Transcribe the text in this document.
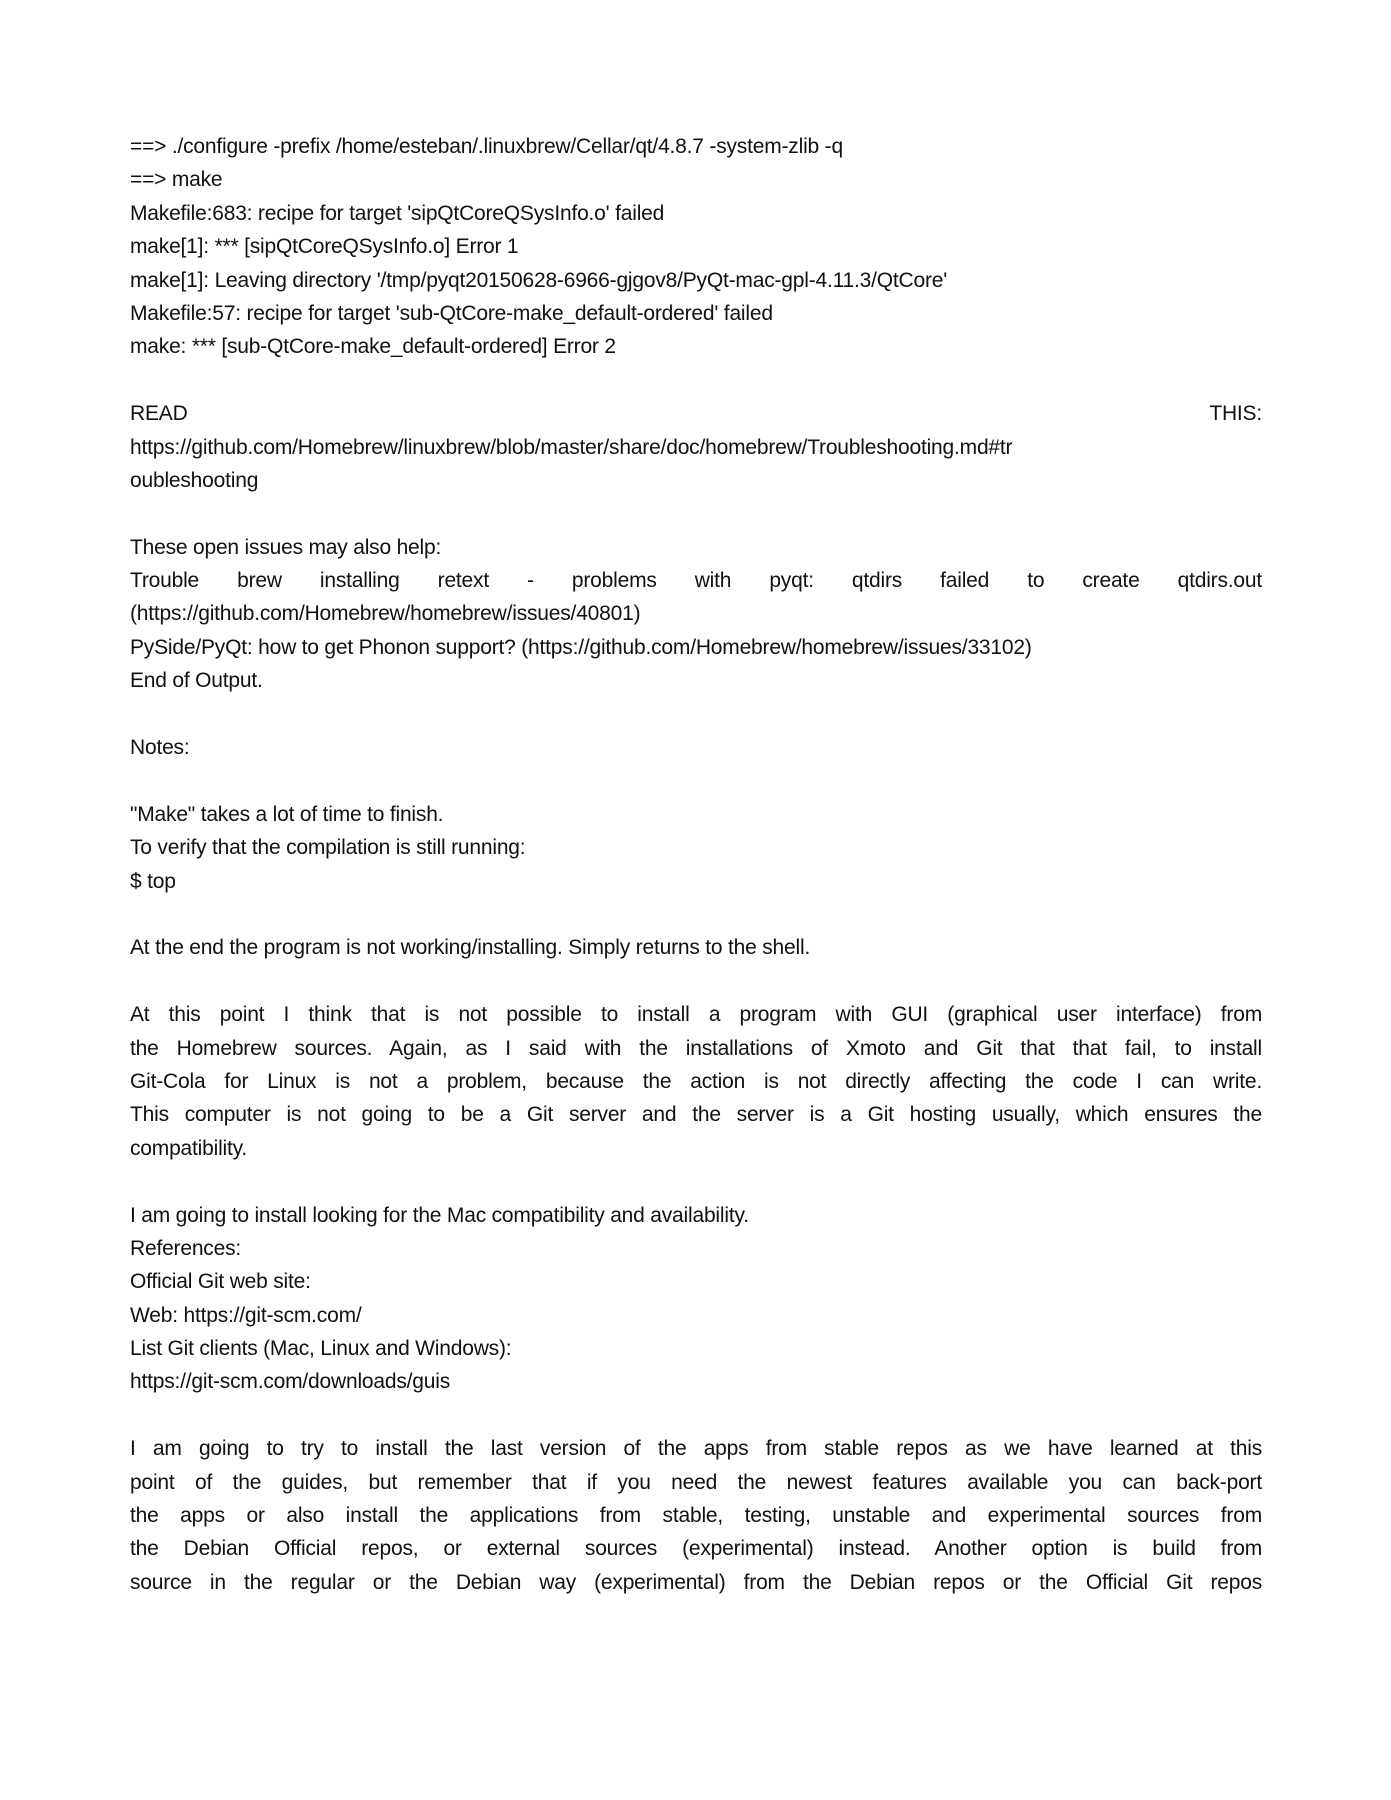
==> ./configure -prefix /home/esteban/.linuxbrew/Cellar/qt/4.8.7 -system-zlib -q
==> make
Makefile:683: recipe for target 'sipQtCoreQSysInfo.o' failed
make[1]: *** [sipQtCoreQSysInfo.o] Error 1
make[1]: Leaving directory '/tmp/pyqt20150628-6966-gjgov8/PyQt-mac-gpl-4.11.3/QtCore'
Makefile:57: recipe for target 'sub-QtCore-make_default-ordered' failed
make: *** [sub-QtCore-make_default-ordered] Error 2
READ THIS:
https://github.com/Homebrew/linuxbrew/blob/master/share/doc/homebrew/Troubleshooting.md#tr
oubleshooting
These open issues may also help:
Trouble brew installing retext - problems with pyqt: qtdirs failed to create qtdirs.out
(https://github.com/Homebrew/homebrew/issues/40801)
PySide/PyQt: how to get Phonon support? (https://github.com/Homebrew/homebrew/issues/33102)
End of Output.
Notes:
"Make" takes a lot of time to finish.
To verify that the compilation is still running:
$ top
At the end the program is not working/installing. Simply returns to the shell.
At this point I think that is not possible to install a program with GUI (graphical user interface) from
the Homebrew sources. Again, as I said with the installations of Xmoto and Git that that fail, to install
Git-Cola for Linux is not a problem, because the action is not directly affecting the code I can write.
This computer is not going to be a Git server and the server is a Git hosting usually, which ensures the
compatibility.
I am going to install looking for the Mac compatibility and availability.
References:
Official Git web site:
Web: https://git-scm.com/
List Git clients (Mac, Linux and Windows):
https://git-scm.com/downloads/guis
I am going to try to install the last version of the apps from stable repos as we have learned at this
point of the guides, but remember that if you need the newest features available you can back-port
the apps or also install the applications from stable, testing, unstable and experimental sources from
the Debian Official repos, or external sources (experimental) instead. Another option is build from
source in the regular or the Debian way (experimental) from the Debian repos or the Official Git repos
